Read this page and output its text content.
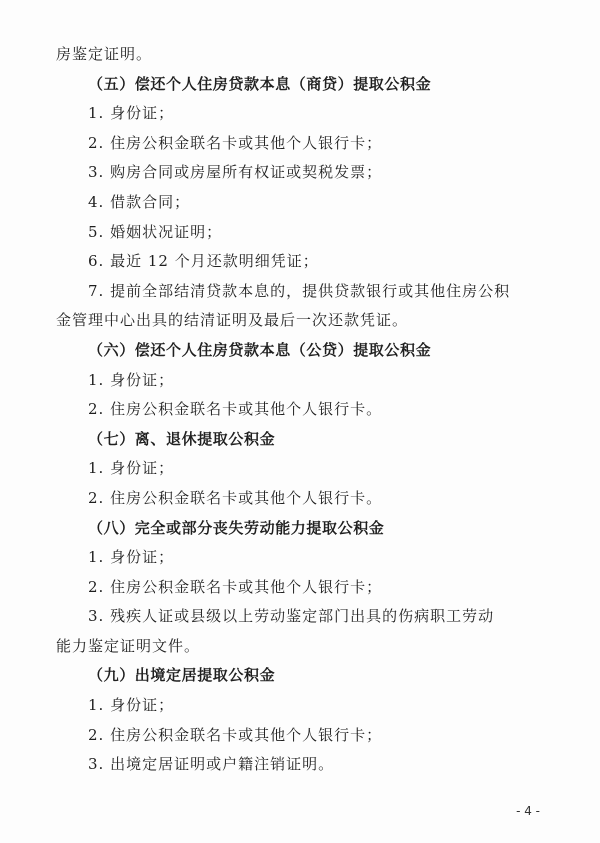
房鉴定证明。
（五）偿还个人住房贷款本息（商贷）提取公积金
1. 身份证；
2. 住房公积金联名卡或其他个人银行卡；
3. 购房合同或房屋所有权证或契税发票；
4. 借款合同；
5. 婚姻状况证明；
6. 最近 12 个月还款明细凭证；
7. 提前全部结清贷款本息的，提供贷款银行或其他住房公积
金管理中心出具的结清证明及最后一次还款凭证。
（六）偿还个人住房贷款本息（公贷）提取公积金
1. 身份证；
2. 住房公积金联名卡或其他个人银行卡。
（七）离、退休提取公积金
1. 身份证；
2. 住房公积金联名卡或其他个人银行卡。
（八）完全或部分丧失劳动能力提取公积金
1. 身份证；
2. 住房公积金联名卡或其他个人银行卡；
3. 残疾人证或县级以上劳动鉴定部门出具的伤病职工劳动
能力鉴定证明文件。
（九）出境定居提取公积金
1. 身份证；
2. 住房公积金联名卡或其他个人银行卡；
3. 出境定居证明或户籍注销证明。
- 4 -
